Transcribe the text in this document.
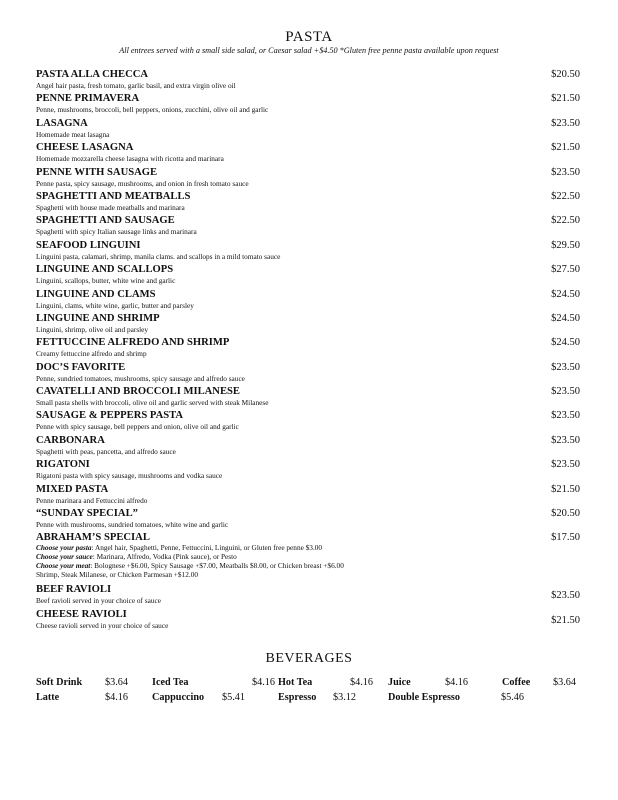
PASTA
All entrees served with a small side salad, or Caesar salad +$4.50 *Gluten free penne pasta available upon request
PASTA ALLA CHECCA
Angel hair pasta, fresh tomato, garlic basil, and extra virgin olive oil
$20.50
PENNE PRIMAVERA
Penne, mushrooms, broccoli, bell peppers, onions, zucchini, olive oil and garlic
$21.50
LASAGNA
Homemade meat lasagna
$23.50
CHEESE LASAGNA
Homemade mozzarella cheese lasagna with ricotta and marinara
$21.50
PENNE WITH SAUSAGE
Penne pasta, spicy sausage, mushrooms, and onion in fresh tomato sauce
$23.50
SPAGHETTI AND MEATBALLS
Spaghetti with house made meatballs and marinara
$22.50
SPAGHETTI AND SAUSAGE
Spaghetti with spicy Italian sausage links and marinara
$22.50
SEAFOOD LINGUINI
Linguini pasta, calamari, shrimp, manila clams. and scallops in a mild tomato sauce
$29.50
LINGUINE AND SCALLOPS
Linguini, scallops, butter, white wine and garlic
$27.50
LINGUINE AND CLAMS
Linguini, clams, white wine, garlic, butter and parsley
$24.50
LINGUINE AND SHRIMP
Linguini, shrimp, olive oil and parsley
$24.50
FETTUCCINE ALFREDO AND SHRIMP
Creamy fettuccine alfredo and shrimp
$24.50
DOC’S FAVORITE
Penne, sundried tomatoes, mushrooms, spicy sausage and alfredo sauce
$23.50
CAVATELLI AND BROCCOLI MILANESE
Small pasta shells with broccoli, olive oil and garlic served with steak Milanese
$23.50
SAUSAGE & PEPPERS PASTA
Penne with spicy sausage, bell peppers and onion, olive oil and garlic
$23.50
CARBONARA
Spaghetti with peas, pancetta, and alfredo sauce
$23.50
RIGATONI
Rigatoni pasta with spicy sausage, mushrooms and vodka sauce
$23.50
MIXED PASTA
Penne marinara and Fettuccini alfredo
$21.50
“SUNDAY SPECIAL”
Penne with mushrooms, sundried tomatoes, white wine and garlic
$20.50
ABRAHAM’S SPECIAL
Choose your pasta: Angel hair, Spaghetti, Penne, Fettuccini, Linguini, or Gluten free penne $3.00
Choose your sauce: Marinara, Alfredo, Vodka (Pink sauce), or Pesto
Choose your meat: Bolognese +$6.00, Spicy Sausage +$7.00, Meatballs $8.00, or Chicken breast +$6.00
Shrimp, Steak Milanese, or Chicken Parmesan +$12.00
$17.50
BEEF RAVIOLI
Beef ravioli served in your choice of sauce	$23.50
CHEESE RAVIOLI
Cheese ravioli served in your choice of sauce	$21.50
BEVERAGES
Soft Drink $3.64 Iced Tea	$4.16 Hot Tea	$4.16 Juice	$4.16	Coffee $3.64
Latte	$4.16 Cappuccino $5.41	Espresso $3.12	Double Espresso	$5.46
